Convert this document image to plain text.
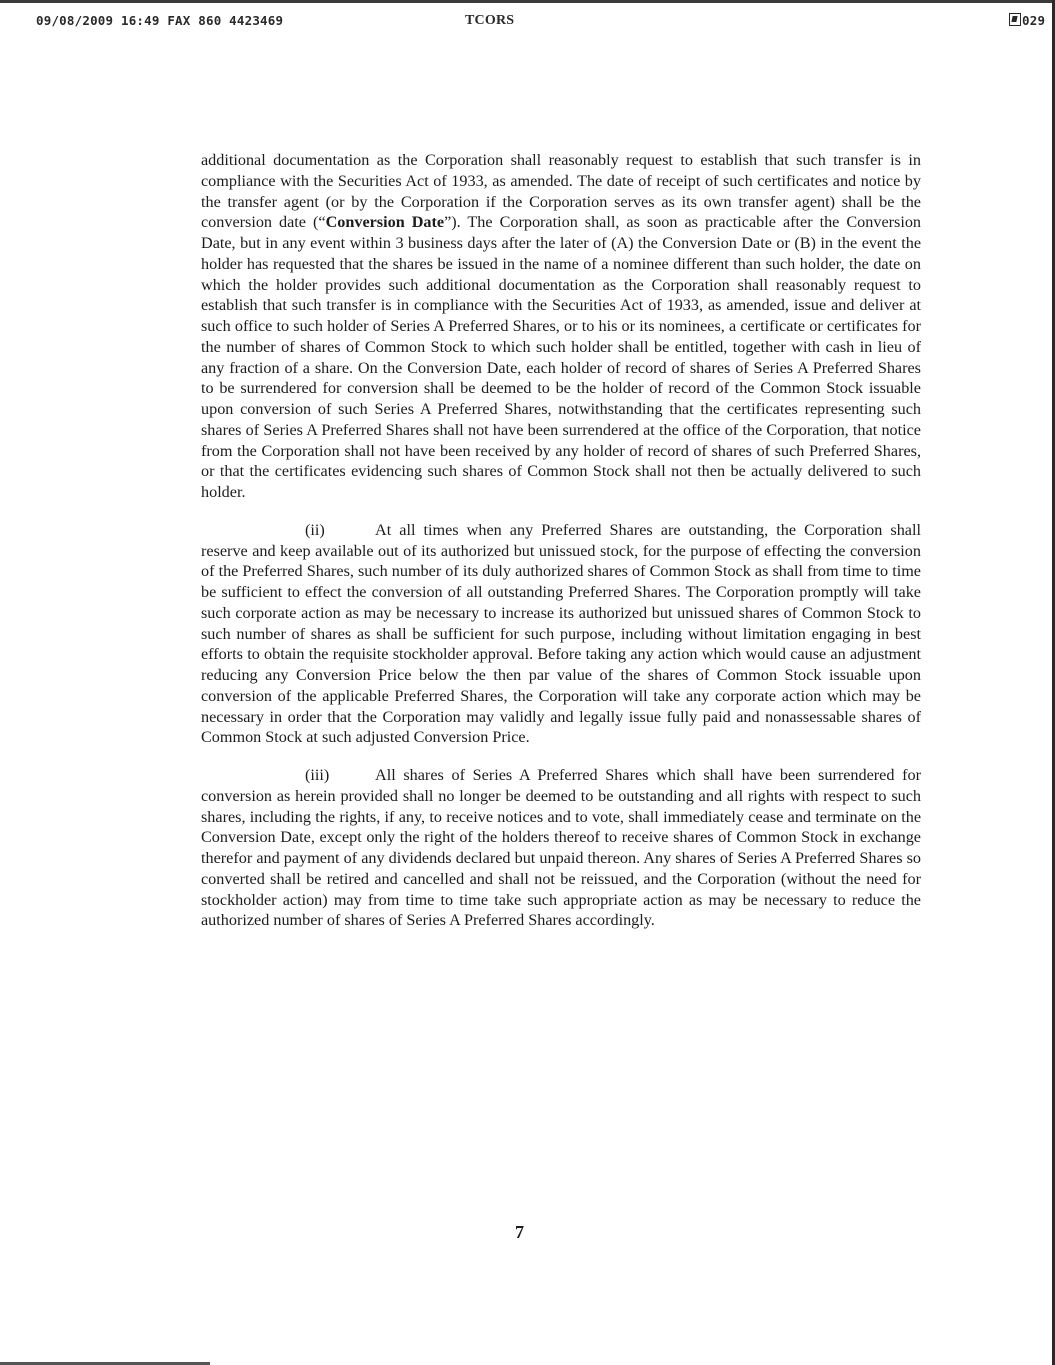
09/08/2009 16:49 FAX 860 4423469	TCORS	029

additional documentation as the Corporation shall reasonably request to establish that such transfer is in compliance with the Securities Act of 1933, as amended. The date of receipt of such certificates and notice by the transfer agent (or by the Corporation if the Corporation serves as its own transfer agent) shall be the conversion date (“Conversion Date”). The Corporation shall, as soon as practicable after the Conversion Date, but in any event within 3 business days after the later of (A) the Conversion Date or (B) in the event the holder has requested that the shares be issued in the name of a nominee different than such holder, the date on which the holder provides such additional documentation as the Corporation shall reasonably request to establish that such transfer is in compliance with the Securities Act of 1933, as amended, issue and deliver at such office to such holder of Series A Preferred Shares, or to his or its nominees, a certificate or certificates for the number of shares of Common Stock to which such holder shall be entitled, together with cash in lieu of any fraction of a share. On the Conversion Date, each holder of record of shares of Series A Preferred Shares to be surrendered for conversion shall be deemed to be the holder of record of the Common Stock issuable upon conversion of such Series A Preferred Shares, notwithstanding that the certificates representing such shares of Series A Preferred Shares shall not have been surrendered at the office of the Corporation, that notice from the Corporation shall not have been received by any holder of record of shares of such Preferred Shares, or that the certificates evidencing such shares of Common Stock shall not then be actually delivered to such holder.

(ii)	At all times when any Preferred Shares are outstanding, the Corporation shall reserve and keep available out of its authorized but unissued stock, for the purpose of effecting the conversion of the Preferred Shares, such number of its duly authorized shares of Common Stock as shall from time to time be sufficient to effect the conversion of all outstanding Preferred Shares. The Corporation promptly will take such corporate action as may be necessary to increase its authorized but unissued shares of Common Stock to such number of shares as shall be sufficient for such purpose, including without limitation engaging in best efforts to obtain the requisite stockholder approval. Before taking any action which would cause an adjustment reducing any Conversion Price below the then par value of the shares of Common Stock issuable upon conversion of the applicable Preferred Shares, the Corporation will take any corporate action which may be necessary in order that the Corporation may validly and legally issue fully paid and nonassessable shares of Common Stock at such adjusted Conversion Price.

(iii)	All shares of Series A Preferred Shares which shall have been surrendered for conversion as herein provided shall no longer be deemed to be outstanding and all rights with respect to such shares, including the rights, if any, to receive notices and to vote, shall immediately cease and terminate on the Conversion Date, except only the right of the holders thereof to receive shares of Common Stock in exchange therefor and payment of any dividends declared but unpaid thereon. Any shares of Series A Preferred Shares so converted shall be retired and cancelled and shall not be reissued, and the Corporation (without the need for stockholder action) may from time to time take such appropriate action as may be necessary to reduce the authorized number of shares of Series A Preferred Shares accordingly.

7
